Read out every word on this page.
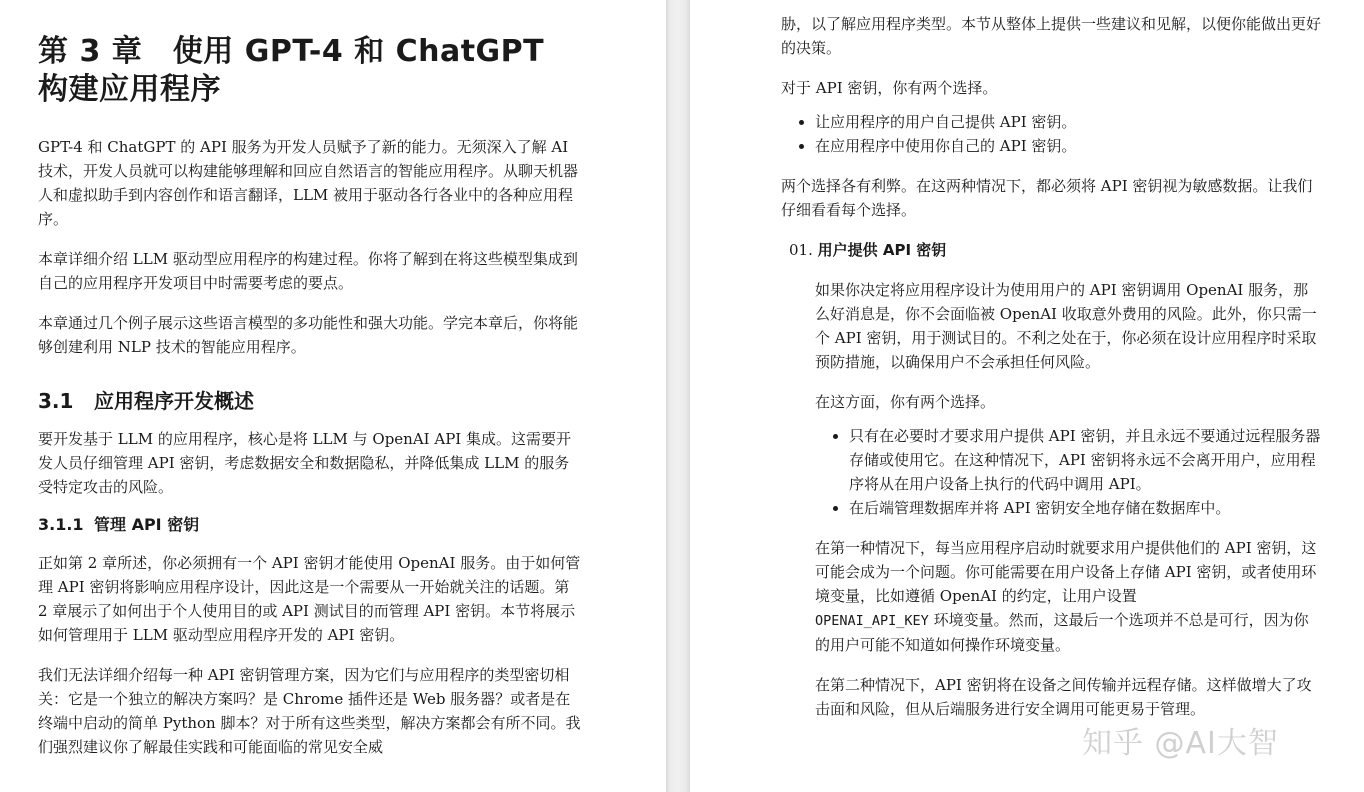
第 3 章　使用 GPT-4 和 ChatGPT 构建应用程序

GPT-4 和 ChatGPT 的 API 服务为开发人员赋予了新的能力。无须深入了解 AI 技术，开发人员就可以构建能够理解和回应自然语言的智能应用程序。从聊天机器人和虚拟助手到内容创作和语言翻译，LLM 被用于驱动各行各业中的各种应用程序。

本章详细介绍 LLM 驱动型应用程序的构建过程。你将了解到在将这些模型集成到自己的应用程序开发项目中时需要考虑的要点。

本章通过几个例子展示这些语言模型的多功能性和强大功能。学完本章后，你将能够创建利用 NLP 技术的智能应用程序。

3.1 应用程序开发概述

要开发基于 LLM 的应用程序，核心是将 LLM 与 OpenAI API 集成。这需要开发人员仔细管理 API 密钥，考虑数据安全和数据隐私，并降低集成 LLM 的服务受特定攻击的风险。

3.1.1 管理 API 密钥

正如第 2 章所述，你必须拥有一个 API 密钥才能使用 OpenAI 服务。由于如何管理 API 密钥将影响应用程序设计，因此这是一个需要从一开始就关注的话题。第 2 章展示了如何出于个人使用目的或 API 测试目的而管理 API 密钥。本节将展示如何管理用于 LLM 驱动型应用程序开发的 API 密钥。

我们无法详细介绍每一种 API 密钥管理方案，因为它们与应用程序的类型密切相关：它是一个独立的解决方案吗？是 Chrome 插件还是 Web 服务器？或者是在终端中启动的简单 Python 脚本？对于所有这些类型，解决方案都会有所不同。我们强烈建议你了解最佳实践和可能面临的常见安全威

胁，以了解应用程序类型。本节从整体上提供一些建议和见解，以便你能做出更好的决策。

对于 API 密钥，你有两个选择。

• 让应用程序的用户自己提供 API 密钥。
• 在应用程序中使用你自己的 API 密钥。

两个选择各有利弊。在这两种情况下，都必须将 API 密钥视为敏感数据。让我们仔细看看每个选择。

01. 用户提供 API 密钥

如果你决定将应用程序设计为使用用户的 API 密钥调用 OpenAI 服务，那么好消息是，你不会面临被 OpenAI 收取意外费用的风险。此外，你只需一个 API 密钥，用于测试目的。不利之处在于，你必须在设计应用程序时采取预防措施，以确保用户不会承担任何风险。

在这方面，你有两个选择。

• 只有在必要时才要求用户提供 API 密钥，并且永远不要通过远程服务器存储或使用它。在这种情况下，API 密钥将永远不会离开用户，应用程序将从在用户设备上执行的代码中调用 API。
• 在后端管理数据库并将 API 密钥安全地存储在数据库中。

在第一种情况下，每当应用程序启动时就要求用户提供他们的 API 密钥，这可能会成为一个问题。你可能需要在用户设备上存储 API 密钥，或者使用环境变量，比如遵循 OpenAI 的约定，让用户设置
OPENAI_API_KEY 环境变量。然而，这最后一个选项并不总是可行，因为你的用户可能不知道如何操作环境变量。

在第二种情况下，API 密钥将在设备之间传输并远程存储。这样做增大了攻击面和风险，但从后端服务进行安全调用可能更易于管理。

知乎 @AI大智
